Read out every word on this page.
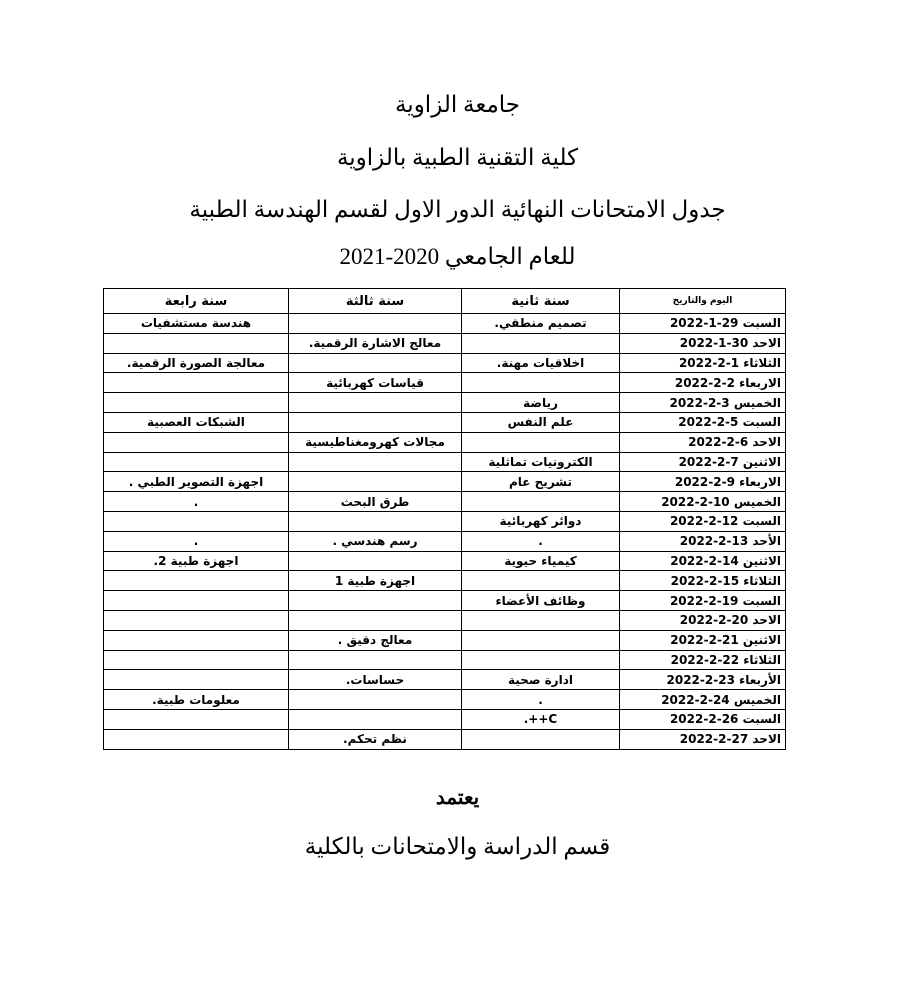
جامعة الزاوية
كلية التقنية الطبية بالزاوية
جدول الامتحانات النهائية الدور الاول لقسم الهندسة الطبية
للعام الجامعي 2020-2021
اليوم والتاريخ	سنة ثانية	سنة ثالثة	سنة رابعة
السبت 29-1-2022	تصميم منطقي.		هندسة مستشفيات
الاحد 30-1-2022		معالج الاشارة الرقمية.	
الثلاثاء 1-2-2022	اخلاقيات مهنة.		معالجة الصورة الرقمية.
الاربعاء 2-2-2022		قياسات كهربائية	
الخميس 3-2-2022	رياضة		
السبت 5-2-2022	علم النفس		الشبكات العصبية
الاحد 6-2-2022		مجالات كهرومغناطيسية	
الاثنين 7-2-2022	الكترونيات تماثلية		
الاربعاء 9-2-2022	تشريح عام		اجهزة التصوير الطبي .
الخميس 10-2-2022		طرق البحث	.
السبت 12-2-2022	دوائر كهربائية		
الأحد 13-2-2022	.	رسم هندسي .	.
الاثنين 14-2-2022	كيمياء حيوية		اجهزة طبية 2.
الثلاثاء 15-2-2022		اجهزة طبية 1	
السبت 19-2-2022	وظائف الأعضاء		
الاحد 20-2-2022			
الاثنين 21-2-2022		معالج دقيق .	
الثلاثاء 22-2-2022			
الأربعاء 23-2-2022	ادارة صحية	حساسات.	
الخميس 24-2-2022	.		معلومات طبية.
السبت 26-2-2022	C++.		
الاحد 27-2-2022		نظم تحكم.	
يعتمد
قسم الدراسة والامتحانات بالكلية
